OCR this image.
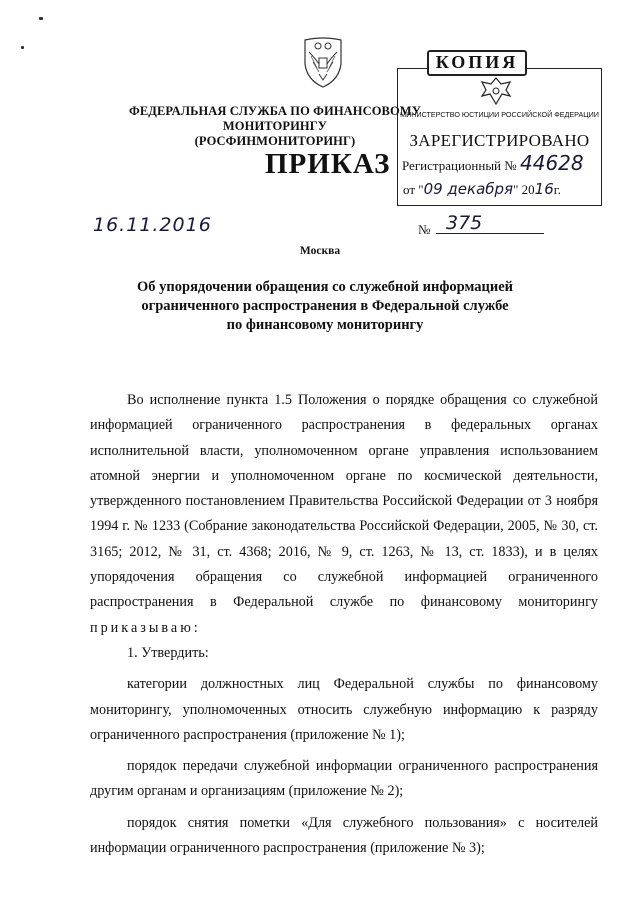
ФЕДЕРАЛЬНАЯ СЛУЖБА ПО ФИНАНСОВОМУ МОНИТОРИНГУ
(РОСФИНМОНИТОРИНГ)
ПРИКАЗ
КОПИЯ
МИНИСТЕРСТВО ЮСТИЦИИ РОССИЙСКОЙ ФЕДЕРАЦИИ
ЗАРЕГИСТРИРОВАНО
Регистрационный № 44628
от "09 декабря" 2016г.
16.11.2016	№ 375
Москва
Об упорядочении обращения со служебной информацией
ограниченного распространения в Федеральной службе
по финансовому мониторингу

Во исполнение пункта 1.5 Положения о порядке обращения со служебной информацией ограниченного распространения в федеральных органах исполнительной власти, уполномоченном органе управления использованием атомной энергии и уполномоченном органе по космической деятельности, утвержденного постановлением Правительства Российской Федерации от 3 ноября 1994 г. № 1233 (Собрание законодательства Российской Федерации, 2005, № 30, ст. 3165; 2012, № 31, ст. 4368; 2016, № 9, ст. 1263, № 13, ст. 1833), и в целях упорядочения обращения со служебной информацией ограниченного распространения в Федеральной службе по финансовому мониторингу приказываю:

1. Утвердить:

категории должностных лиц Федеральной службы по финансовому мониторингу, уполномоченных относить служебную информацию к разряду ограниченного распространения (приложение № 1);

порядок передачи служебной информации ограниченного распространения другим органам и организациям (приложение № 2);

порядок снятия пометки «Для служебного пользования» с носителей информации ограниченного распространения (приложение № 3);
